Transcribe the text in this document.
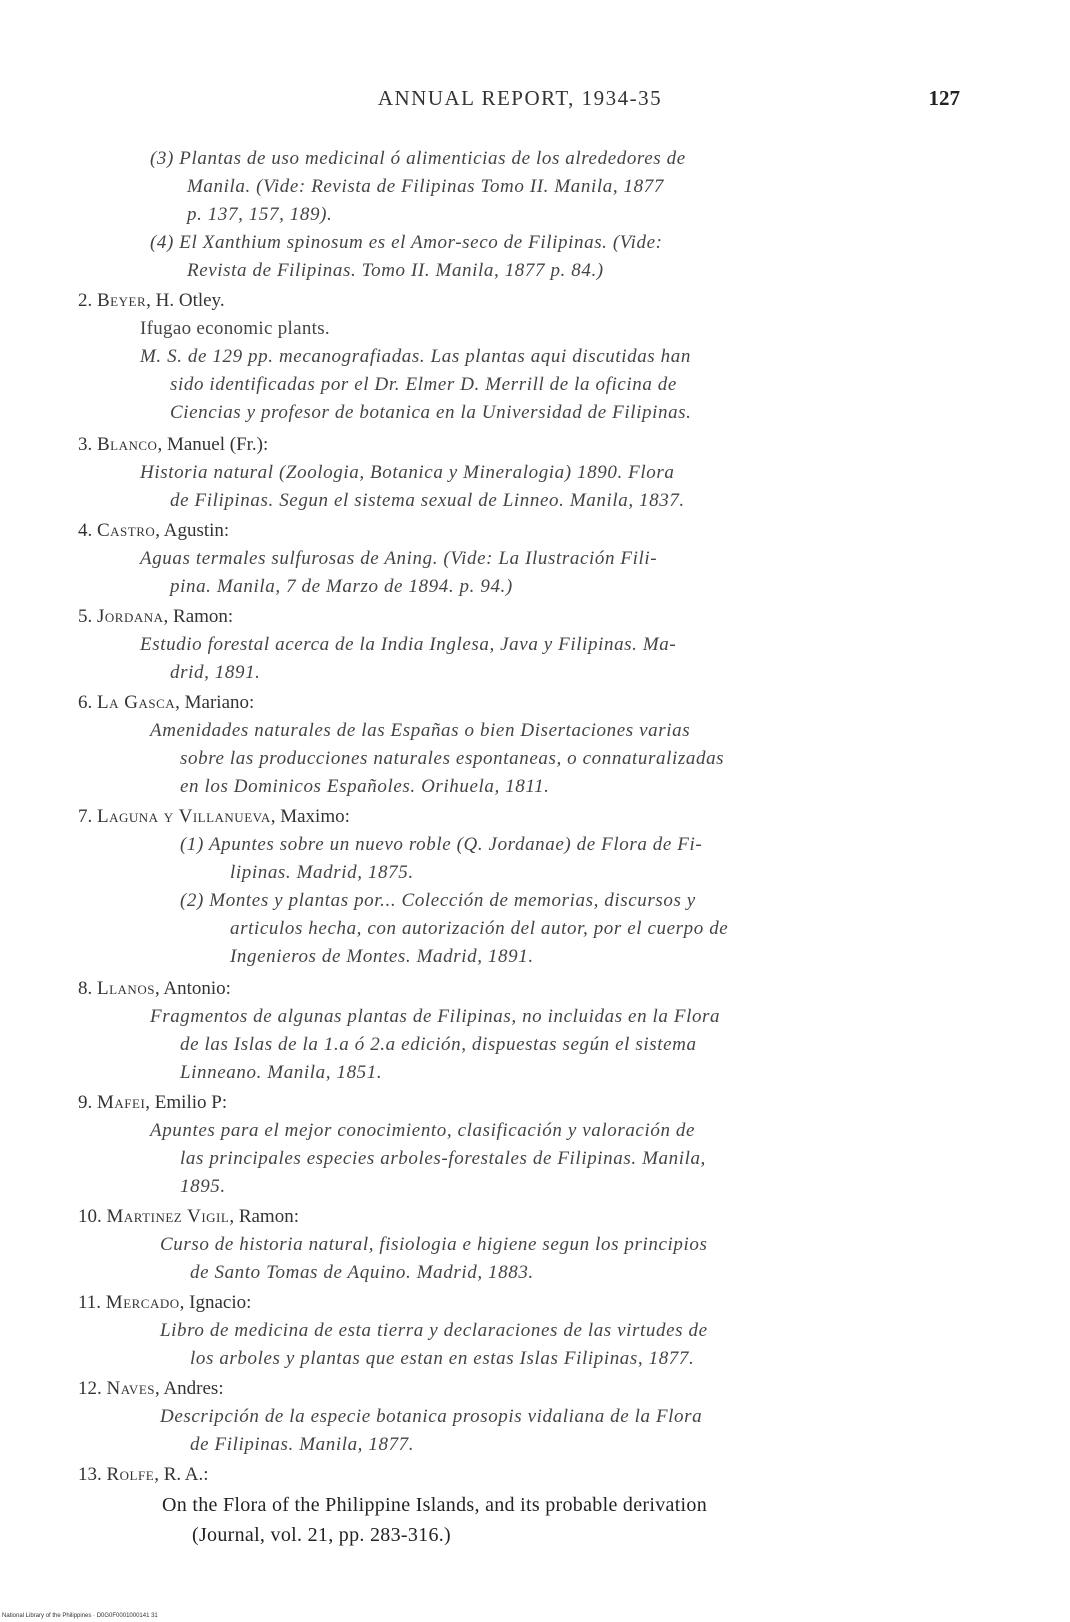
ANNUAL REPORT, 1934-35	127
(3) Plantas de uso medicinal ó alimenticias de los alrededores de
Manila. (Vide: Revista de Filipinas Tomo II. Manila, 1877
p. 137, 157, 189).
(4) El Xanthium spinosum es el Amor-seco de Filipinas. (Vide:
Revista de Filipinas. Tomo II. Manila, 1877 p. 84.)
2. Beyer, H. Otley.
Ifugao economic plants.
M. S. de 129 pp. mecanografiadas. Las plantas aqui discutidas han
sido identificadas por el Dr. Elmer D. Merrill de la oficina de
Ciencias y profesor de botanica en la Universidad de Filipinas.
3. Blanco, Manuel (Fr.):
Historia natural (Zoologia, Botanica y Mineralogia) 1890. Flora
de Filipinas. Segun el sistema sexual de Linneo. Manila, 1837.
4. Castro, Agustin:
Aguas termales sulfurosas de Aning. (Vide: La Ilustración Fili-
pina. Manila, 7 de Marzo de 1894. p. 94.)
5. Jordana, Ramon:
Estudio forestal acerca de la India Inglesa, Java y Filipinas. Ma-
drid, 1891.
6. La Gasca, Mariano:
Amenidades naturales de las Españas o bien Disertaciones varias
sobre las producciones naturales espontaneas, o connaturalizadas
en los Dominicos Españoles. Orihuela, 1811.
7. Laguna y Villanueva, Maximo:
(1) Apuntes sobre un nuevo roble (Q. Jordanae) de Flora de Fi-
lipinas. Madrid, 1875.
(2) Montes y plantas por... Colección de memorias, discursos y
articulos hecha, con autorización del autor, por el cuerpo de
Ingenieros de Montes. Madrid, 1891.
8. Llanos, Antonio:
Fragmentos de algunas plantas de Filipinas, no incluidas en la Flora
de las Islas de la 1.a ó 2.a edición, dispuestas según el sistema
Linneano. Manila, 1851.
9. Mafei, Emilio P:
Apuntes para el mejor conocimiento, clasificación y valoración de
las principales especies arboles-forestales de Filipinas. Manila,
1895.
10. Martinez Vigil, Ramon:
Curso de historia natural, fisiologia e higiene segun los principios
de Santo Tomas de Aquino. Madrid, 1883.
11. Mercado, Ignacio:
Libro de medicina de esta tierra y declaraciones de las virtudes de
los arboles y plantas que estan en estas Islas Filipinas, 1877.
12. Naves, Andres:
Descripción de la especie botanica prosopis vidaliana de la Flora
de Filipinas. Manila, 1877.
13. Rolfe, R. A.:
On the Flora of the Philippine Islands, and its probable derivation
(Journal, vol. 21, pp. 283-316.)
National Library of the Philippines · D0G0F0001000141 31
